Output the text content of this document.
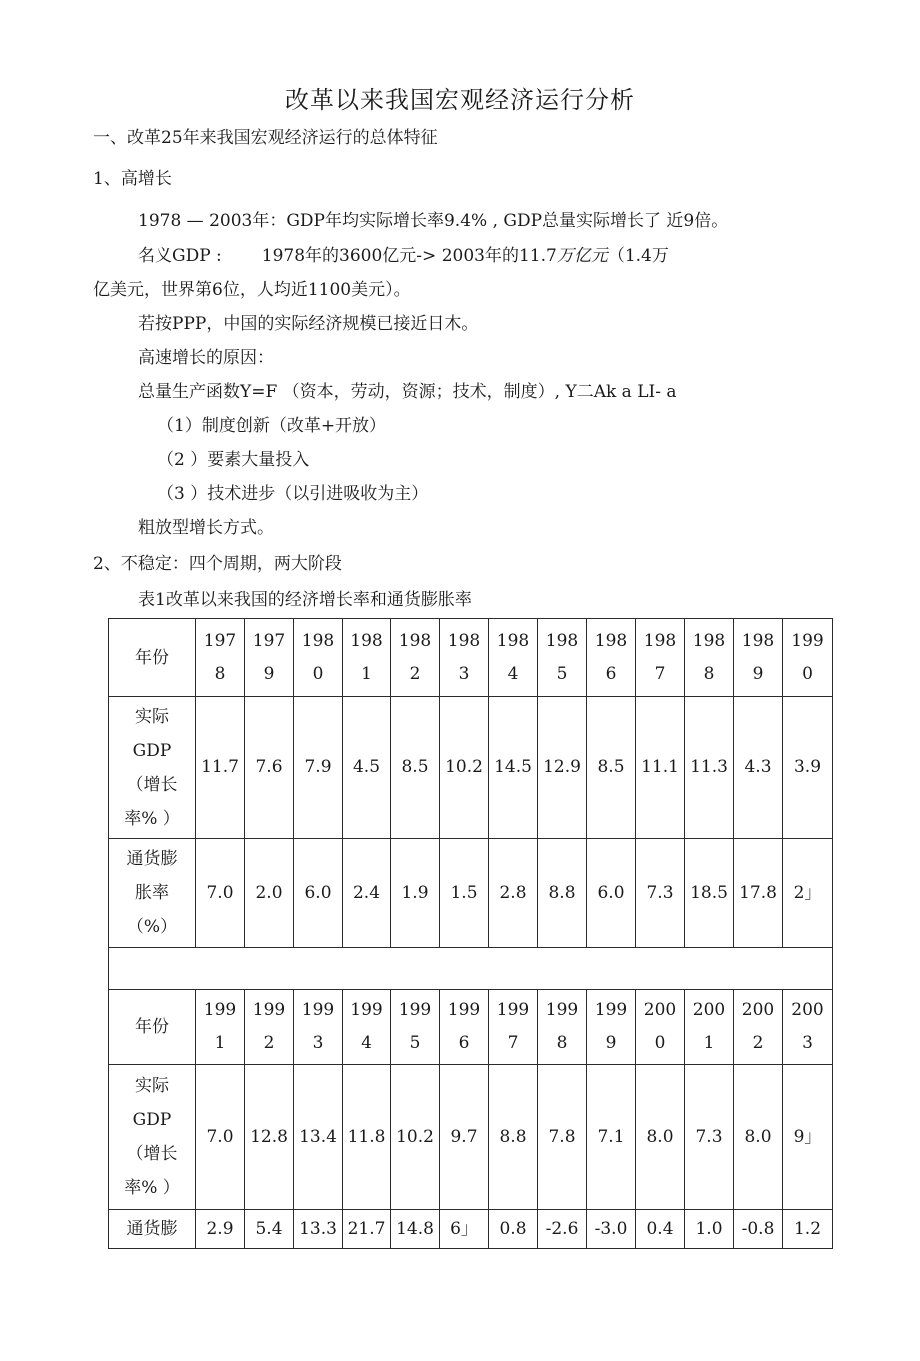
改革以来我国宏观经济运行分析

一、改革25年来我国宏观经济运行的总体特征

1、高增长

1978 — 2003年：GDP年均实际增长率9.4% , GDP总量实际增长了 近9倍。

名义GDP : 1978年的3600亿元-> 2003年的11.7万亿元（1.4万

亿美元，世界第6位，人均近1100美元）。

若按PPP，中国的实际经济规模已接近日木。

高速增长的原因：

总量生产函数Y=F （资本，劳动，资源；技术，制度）, Y二Ak a LI- a

（1）制度创新（改革+开放）

（2 ）要素大量投入

（3 ）技术进步（以引进吸收为主）

粗放型增长方式。

2、不稳定：四个周期，两大阶段

表1改革以来我国的经济增长率和通货膨胀率

年份	1978	1979	1980	1981	1982	1983	1984	1985	1986	1987	1988	1989	1990

实际
GDP
（增长
率% ）	11.7	7.6	7.9	4.5	8.5	10.2	14.5	12.9	8.5	11.1	11.3	4.3	3.9

通货膨
胀率
（%）	7.0	2.0	6.0	2.4	1.9	1.5	2.8	8.8	6.0	7.3	18.5	17.8	2」

年份	1991	1992	1993	1994	1995	1996	1997	1998	1999	2000	2001	2002	2003

实际
GDP
（增长
率% ）	7.0	12.8	13.4	11.8	10.2	9.7	8.8	7.8	7.1	8.0	7.3	8.0	9」
通货膨	2.9	5.4	13.3	21.7	14.8	6」	0.8	-2.6	-3.0	0.4	1.0	-0.8	1.2
